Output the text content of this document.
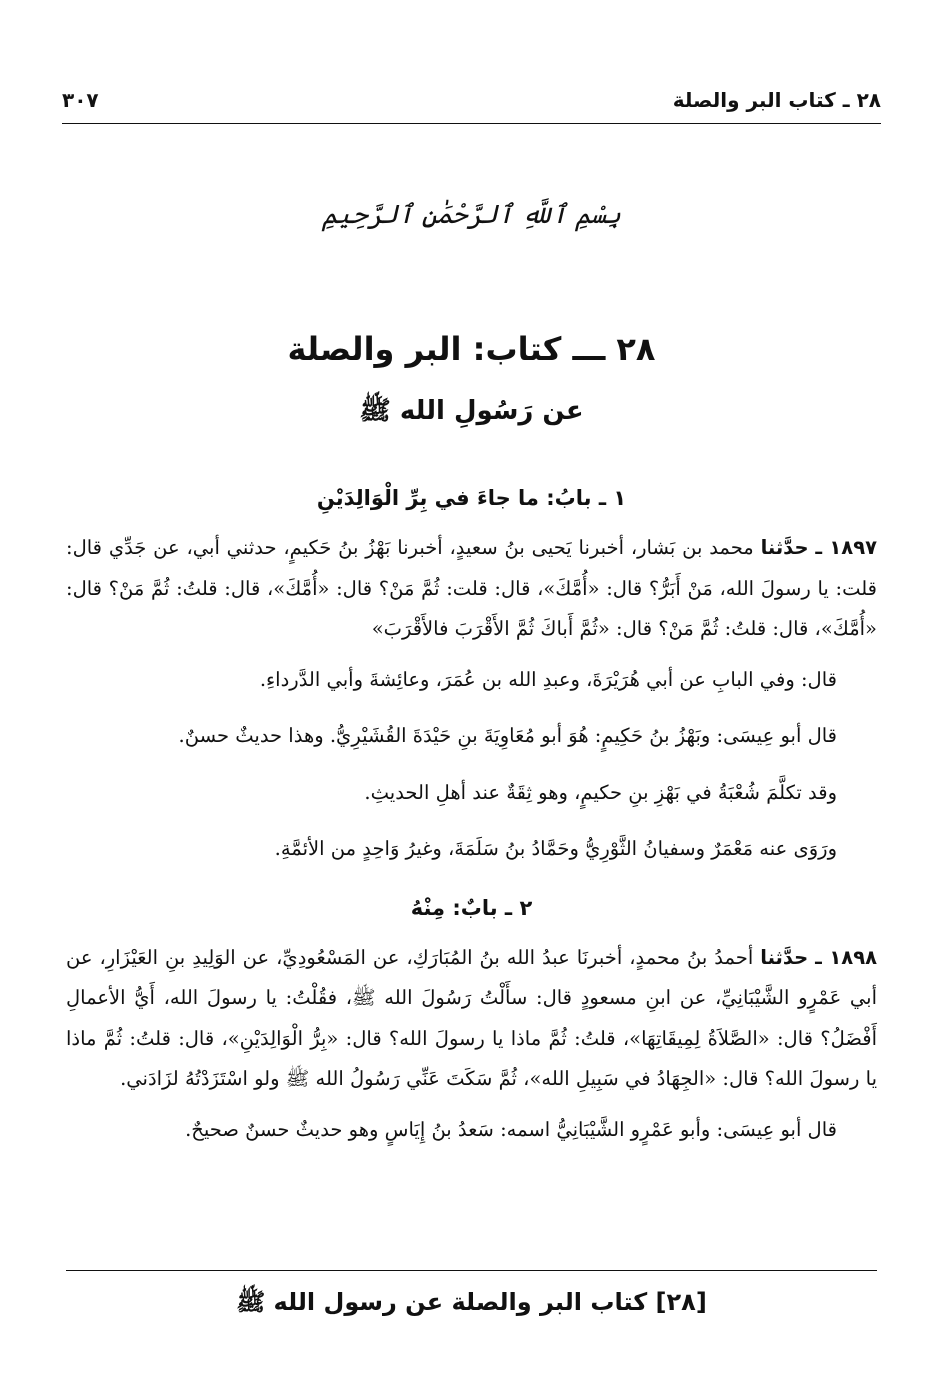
٢٨ ـ كتاب البر والصلة
٣٠٧
بِسْمِ ٱللَّهِ ٱلرَّحْمَٰنِ ٱلرَّحِيمِ
٢٨ ـــ كتاب: البر والصلة
عن رَسُولِ الله ﷺ
١ ـ بابُ: ما جاءَ في بِرِّ الْوَالِدَيْنِ

١٨٩٧ ـ حدَّثنا محمد بن بَشار، أخبرنا يَحيى بنُ سعيدٍ، أخبرنا بَهْزُ بنُ حَكيمٍ، حدثني أبي، عن جَدِّي قال: قلت: يا رسولَ الله، مَنْ أَبَرُّ؟ قال: «أُمَّكَ»، قال: قلت: ثُمَّ مَنْ؟ قال: «أُمَّكَ»، قال: قلتُ: ثُمَّ مَنْ؟ قال: «أُمَّكَ»، قال: قلتُ: ثُمَّ مَنْ؟ قال: «ثُمَّ أَباكَ ثُمَّ الأَقْرَبَ فالأَقْرَبَ»

قال: وفي البابِ عن أبي هُرَيْرَةَ، وعبدِ الله بن عُمَرَ، وعائِشةَ وأبي الدَّرداءِ.

قال أبو عِيسَى: وبَهْزُ بنُ حَكِيمٍ: هُوَ أبو مُعَاوِيَةَ بنِ حَيْدَةَ القُشَيْرِيُّ. وهذا حديثٌ حسنٌ.

وقد تكلَّمَ شُعْبَةُ في بَهْزِ بنِ حكيمٍ، وهو ثِقَةٌ عند أهلِ الحديثِ.

ورَوَى عنه مَعْمَرٌ وسفيانُ الثَّوْرِيُّ وحَمَّادُ بنُ سَلَمَةَ، وغيرُ وَاحِدٍ من الأئمَّةِ.

٢ ـ بابٌ: مِنْهُ

١٨٩٨ ـ حدَّثنا أحمدُ بنُ محمدٍ، أخبرنَا عبدُ الله بنُ المُبَارَكِ، عن المَسْعُودِيِّ، عن الوَلِيدِ بنِ العَيْزَارِ، عن أبي عَمْرٍو الشَّيْبَانِيِّ، عن ابنِ مسعودٍ قال: سأَلْتُ رَسُولَ الله ﷺ، فقُلْتُ: يا رسولَ الله، أَيُّ الأعمالِ أَفْضَلُ؟ قال: «الصَّلاَةُ لِمِيقَاتِهَا»، قلتُ: ثُمَّ ماذا يا رسولَ الله؟ قال: «بِرُّ الْوَالِدَيْنِ»، قال: قلتُ: ثُمَّ ماذا يا رسولَ الله؟ قال: «الجِهَادُ في سَبِيلِ الله»، ثُمَّ سَكَتَ عَنِّي رَسُولُ الله ﷺ ولو اسْتَزَدْتُهُ لزَادَني.

قال أبو عِيسَى: وأبو عَمْرٍو الشَّيْبَانِيُّ اسمه: سَعدُ بنُ إِيَاسٍ وهو حديثٌ حسنٌ صحيحٌ.

[٢٨] كتاب البر والصلة عن رسول الله ﷺ
